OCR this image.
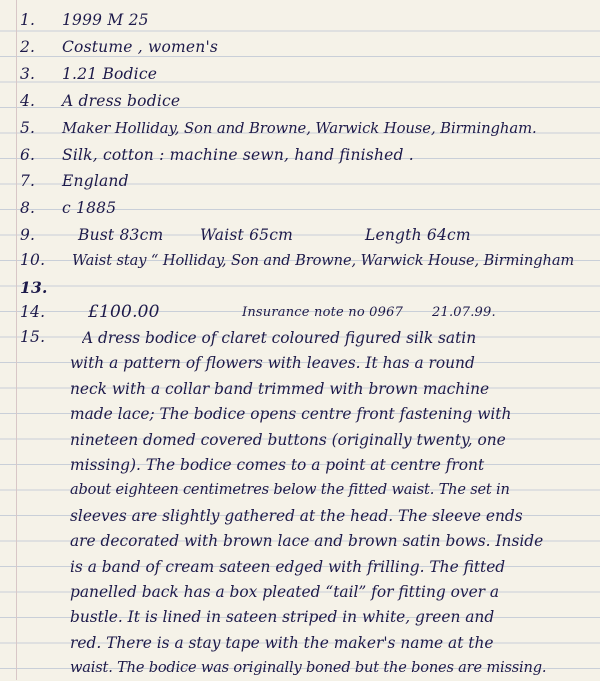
1. 1999 M 25
2. Costume , women's
3. 1.21 Bodice
4. A dress bodice
5. Maker Holliday, Son and Browne, Warwick House, Birmingham.
6. Silk, cotton : machine sewn, hand finished .
7. England
8. c 1885
9.	Bust 83cm Waist 65cm	Length 64cm
10. Waist stay “ Holliday, Son and Browne, Warwick House, Birmingham
13.
14.	£100.00	Insurance note no 0967 21.07.99.
15. A dress bodice of claret coloured figured silk satin
with a pattern of flowers with leaves. It has a round
neck with a collar band trimmed with brown machine
made lace; The bodice opens centre front fastening with
nineteen domed covered buttons (originally twenty, one
missing). The bodice comes to a point at centre front
about eighteen centimetres below the fitted waist. The set in
sleeves are slightly gathered at the head. The sleeve ends
are decorated with brown lace and brown satin bows. Inside
is a band of cream sateen edged with frilling. The fitted
panelled back has a box pleated “tail” for fitting over a
bustle. It is lined in sateen striped in white, green and
red. There is a stay tape with the maker's name at the
waist. The bodice was originally boned but the bones are missing.
